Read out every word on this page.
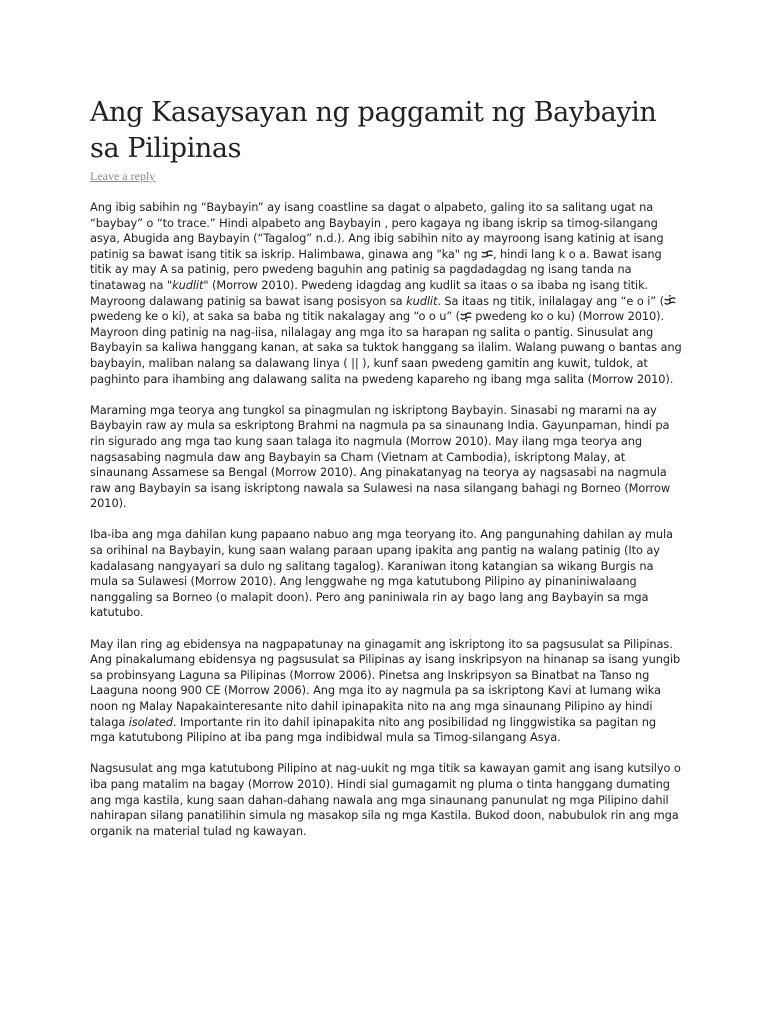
Ang Kasaysayan ng paggamit ng Baybayin sa Pilipinas
Leave a reply

Ang ibig sabihin ng “Baybayin” ay isang coastline sa dagat o alpabeto, galing ito sa salitang ugat na “baybay” o “to trace.” Hindi alpabeto ang Baybayin , pero kagaya ng ibang iskrip sa timog-silangang asya, Abugida ang Baybayin (“Tagalog” n.d.). Ang ibig sabihin nito ay mayroong isang katinig at isang patinig sa bawat isang titik sa iskrip. Halimbawa, ginawa ang "ka" ng ᜃ, hindi lang k o a. Bawat isang titik ay may A sa patinig, pero pwedeng baguhin ang patinig sa pagdadagdag ng isang tanda na tinatawag na "kudlit" (Morrow 2010). Pwedeng idagdag ang kudlit sa itaas o sa ibaba ng isang titik. Mayroong dalawang patinig sa bawat isang posisyon sa kudlit. Sa itaas ng titik, inilalagay ang “e o i” (ᜃᜒ pwedeng ke o ki), at saka sa baba ng titik nakalagay ang “o o u” (ᜃᜓ pwedeng ko o ku) (Morrow 2010). Mayroon ding patinig na nag-iisa, nilalagay ang mga ito sa harapan ng salita o pantig. Sinusulat ang Baybayin sa kaliwa hanggang kanan, at saka sa tuktok hanggang sa ilalim. Walang puwang o bantas ang baybayin, maliban nalang sa dalawang linya ( || ), kunf saan pwedeng gamitin ang kuwit, tuldok, at paghinto para ihambing ang dalawang salita na pwedeng kapareho ng ibang mga salita (Morrow 2010).

Maraming mga teorya ang tungkol sa pinagmulan ng iskriptong Baybayin. Sinasabi ng marami na ay Baybayin raw ay mula sa eskriptong Brahmi na nagmula pa sa sinaunang India. Gayunpaman, hindi pa rin sigurado ang mga tao kung saan talaga ito nagmula (Morrow 2010). May ilang mga teorya ang nagsasabing nagmula daw ang Baybayin sa Cham (Vietnam at Cambodia), iskriptong Malay, at sinaunang Assamese sa Bengal (Morrow 2010). Ang pinakatanyag na teorya ay nagsasabi na nagmula raw ang Baybayin sa isang iskriptong nawala sa Sulawesi na nasa silangang bahagi ng Borneo (Morrow 2010).

Iba-iba ang mga dahilan kung papaano nabuo ang mga teoryang ito. Ang pangunahing dahilan ay mula sa orihinal na Baybayin, kung saan walang paraan upang ipakita ang pantig na walang patinig (Ito ay kadalasang nangyayari sa dulo ng salitang tagalog). Karaniwan itong katangian sa wikang Burgis na mula sa Sulawesi (Morrow 2010). Ang lenggwahe ng mga katutubong Pilipino ay pinaniniwalaang nanggaling sa Borneo (o malapit doon). Pero ang paniniwala rin ay bago lang ang Baybayin sa mga katutubo.

May ilan ring ag ebidensya na nagpapatunay na ginagamit ang iskriptong ito sa pagsusulat sa Pilipinas. Ang pinakalumang ebidensya ng pagsusulat sa Pilipinas ay isang inskripsyon na hinanap sa isang yungib sa probinsyang Laguna sa Pilipinas (Morrow 2006). Pinetsa ang Inskripsyon sa Binatbat na Tanso ng Laaguna noong 900 CE (Morrow 2006). Ang mga ito ay nagmula pa sa iskriptong Kavi at lumang wika noon ng Malay Napakainteresante nito dahil ipinapakita nito na ang mga sinaunang Pilipino ay hindi talaga isolated. Importante rin ito dahil ipinapakita nito ang posibilidad ng linggwistika sa pagitan ng mga katutubong Pilipino at iba pang mga indibidwal mula sa Timog-silangang Asya.

Nagsusulat ang mga katutubong Pilipino at nag-uukit ng mga titik sa kawayan gamit ang isang kutsilyo o iba pang matalim na bagay (Morrow 2010). Hindi sial gumagamit ng pluma o tinta hanggang dumating ang mga kastila, kung saan dahan-dahang nawala ang mga sinaunang panunulat ng mga Pilipino dahil nahirapan silang panatilihin simula ng masakop sila ng mga Kastila. Bukod doon, nabubulok rin ang mga organik na material tulad ng kawayan.
